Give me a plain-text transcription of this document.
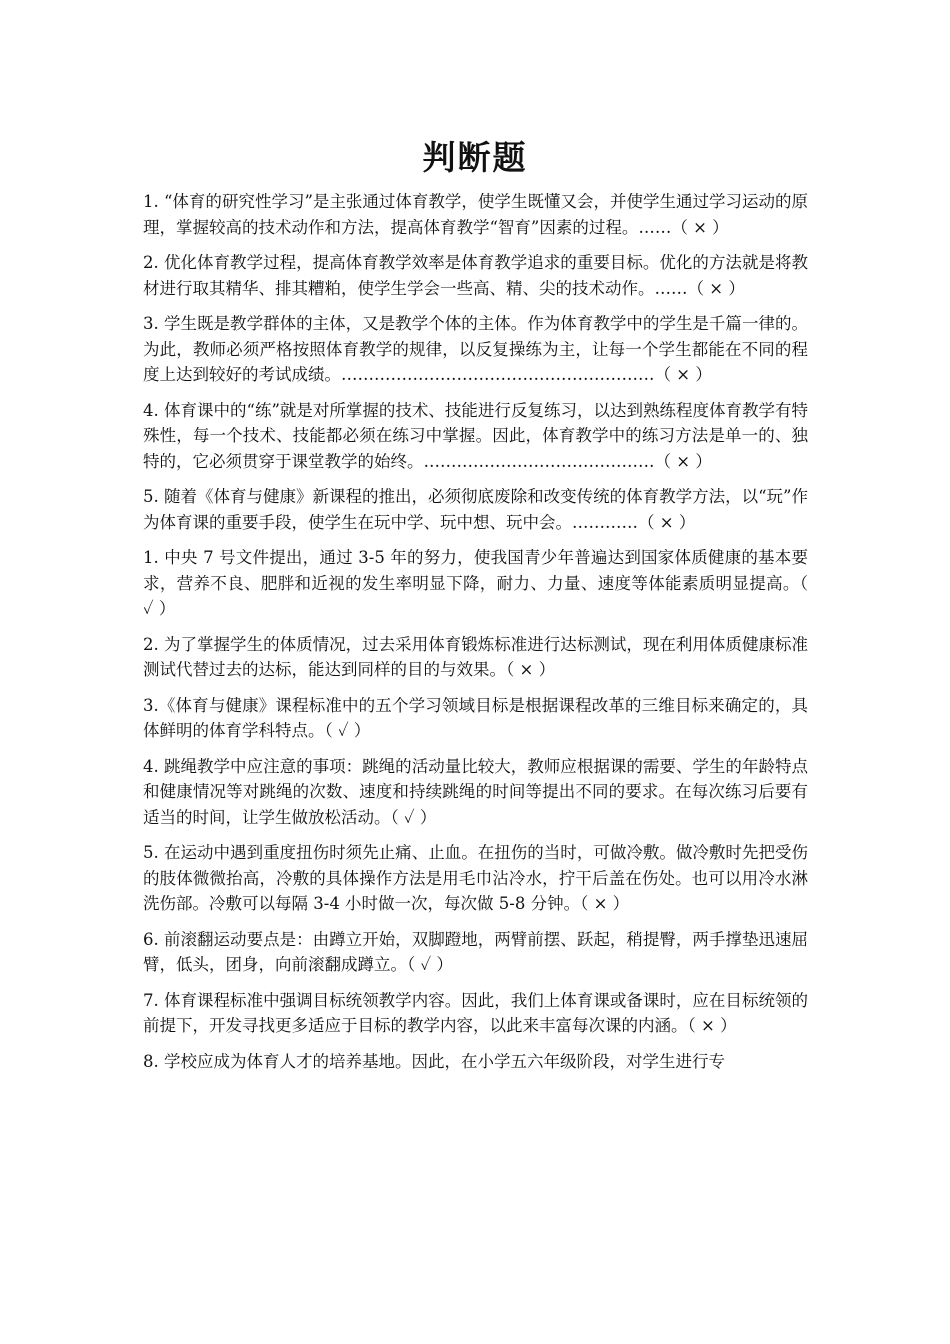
判断题

1. “体育的研究性学习”是主张通过体育教学，使学生既懂又会，并使学生通过学习运动的原理，掌握较高的技术动作和方法，提高体育教学“智育”因素的过程。……（ × ）

2. 优化体育教学过程，提高体育教学效率是体育教学追求的重要目标。优化的方法就是将教材进行取其精华、排其糟粕，使学生学会一些高、精、尖的技术动作。……（ × ）

3. 学生既是教学群体的主体，又是教学个体的主体。作为体育教学中的学生是千篇一律的。为此，教师必须严格按照体育教学的规律，以反复操练为主，让每一个学生都能在不同的程度上达到较好的考试成绩。…………………………………………………（ × ）

4. 体育课中的“练”就是对所掌握的技术、技能进行反复练习，以达到熟练程度体育教学有特殊性，每一个技术、技能都必须在练习中掌握。因此，体育教学中的练习方法是单一的、独特的，它必须贯穿于课堂教学的始终。……………………………………（ × ）

5. 随着《体育与健康》新课程的推出，必须彻底废除和改变传统的体育教学方法，以“玩”作为体育课的重要手段，使学生在玩中学、玩中想、玩中会。…………（ × ）

1. 中央 7 号文件提出，通过 3-5 年的努力，使我国青少年普遍达到国家体质健康的基本要求，营养不良、肥胖和近视的发生率明显下降，耐力、力量、速度等体能素质明显提高。（ ✓ ）

2. 为了掌握学生的体质情况，过去采用体育锻炼标准进行达标测试，现在利用体质健康标准测试代替过去的达标，能达到同样的目的与效果。（ × ）

3.《体育与健康》课程标准中的五个学习领域目标是根据课程改革的三维目标来确定的，具体鲜明的体育学科特点。（ ✓ ）

4. 跳绳教学中应注意的事项：跳绳的活动量比较大，教师应根据课的需要、学生的年龄特点和健康情况等对跳绳的次数、速度和持续跳绳的时间等提出不同的要求。在每次练习后要有适当的时间，让学生做放松活动。（ ✓ ）

5. 在运动中遇到重度扭伤时须先止痛、止血。在扭伤的当时，可做冷敷。做冷敷时先把受伤的肢体微微抬高，冷敷的具体操作方法是用毛巾沾冷水，拧干后盖在伤处。也可以用冷水淋洗伤部。冷敷可以每隔 3-4 小时做一次，每次做 5-8 分钟。（ × ）

6. 前滚翻运动要点是：由蹲立开始，双脚蹬地，两臂前摆、跃起，稍提臀，两手撑垫迅速屈臂，低头，团身，向前滚翻成蹲立。（ ✓ ）

7. 体育课程标准中强调目标统领教学内容。因此，我们上体育课或备课时，应在目标统领的前提下，开发寻找更多适应于目标的教学内容，以此来丰富每次课的内涵。（ × ）

8. 学校应成为体育人才的培养基地。因此，在小学五六年级阶段，对学生进行专
